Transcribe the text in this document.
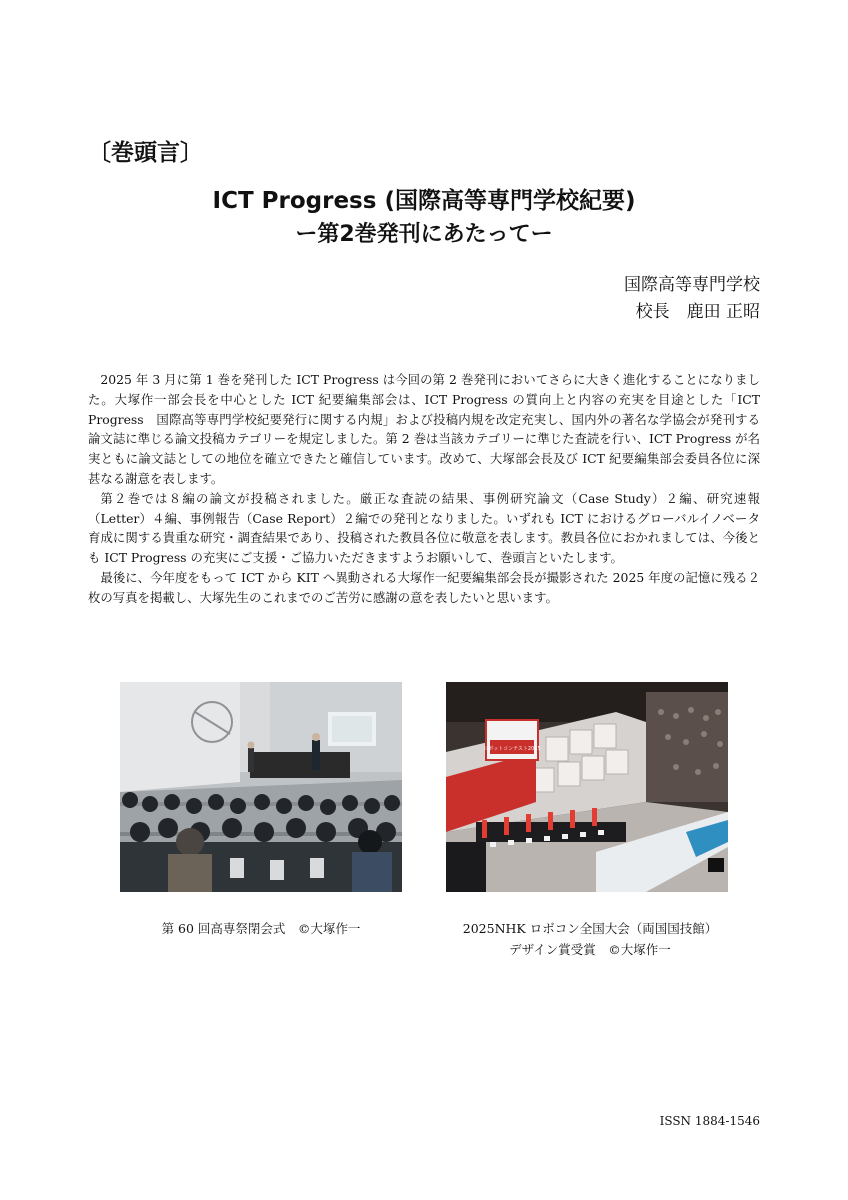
〔巻頭言〕
ICT Progress (国際高等専門学校紀要)
ー第2巻発刊にあたってー
国際高等専門学校
校長　鹿田 正昭

2025 年 3 月に第 1 巻を発刊した ICT Progress は今回の第 2 巻発刊においてさらに大きく進化することになりました。大塚作一部会長を中心とした ICT 紀要編集部会は、ICT Progress の質向上と内容の充実を目途とした「ICT Progress　国際高等専門学校紀要発行に関する内規」および投稿内規を改定充実し、国内外の著名な学協会が発刊する論文誌に準じる論文投稿カテゴリーを規定しました。第 2 巻は当該カテゴリーに準じた査読を行い、ICT Progress が名実ともに論文誌としての地位を確立できたと確信しています。改めて、大塚部会長及び ICT 紀要編集部会委員各位に深甚なる謝意を表します。

第２巻では８編の論文が投稿されました。厳正な査読の結果、事例研究論文（Case Study）２編、研究速報（Letter）４編、事例報告（Case Report）２編での発刊となりました。いずれも ICT におけるグローバルイノベータ育成に関する貴重な研究・調査結果であり、投稿された教員各位に敬意を表します。教員各位におかれましては、今後とも ICT Progress の充実にご支援・ご協力いただきますようお願いして、巻頭言といたします。

最後に、今年度をもって ICT から KIT へ異動される大塚作一紀要編集部会長が撮影された 2025 年度の記憶に残る２枚の写真を掲載し、大塚先生のこれまでのご苦労に感謝の意を表したいと思います。

ロボットコンテスト2025
第 60 回高専祭閉会式　©大塚作一	2025NHK ロボコン全国大会（両国国技館）
デザイン賞受賞　©大塚作一
ISSN 1884-1546
